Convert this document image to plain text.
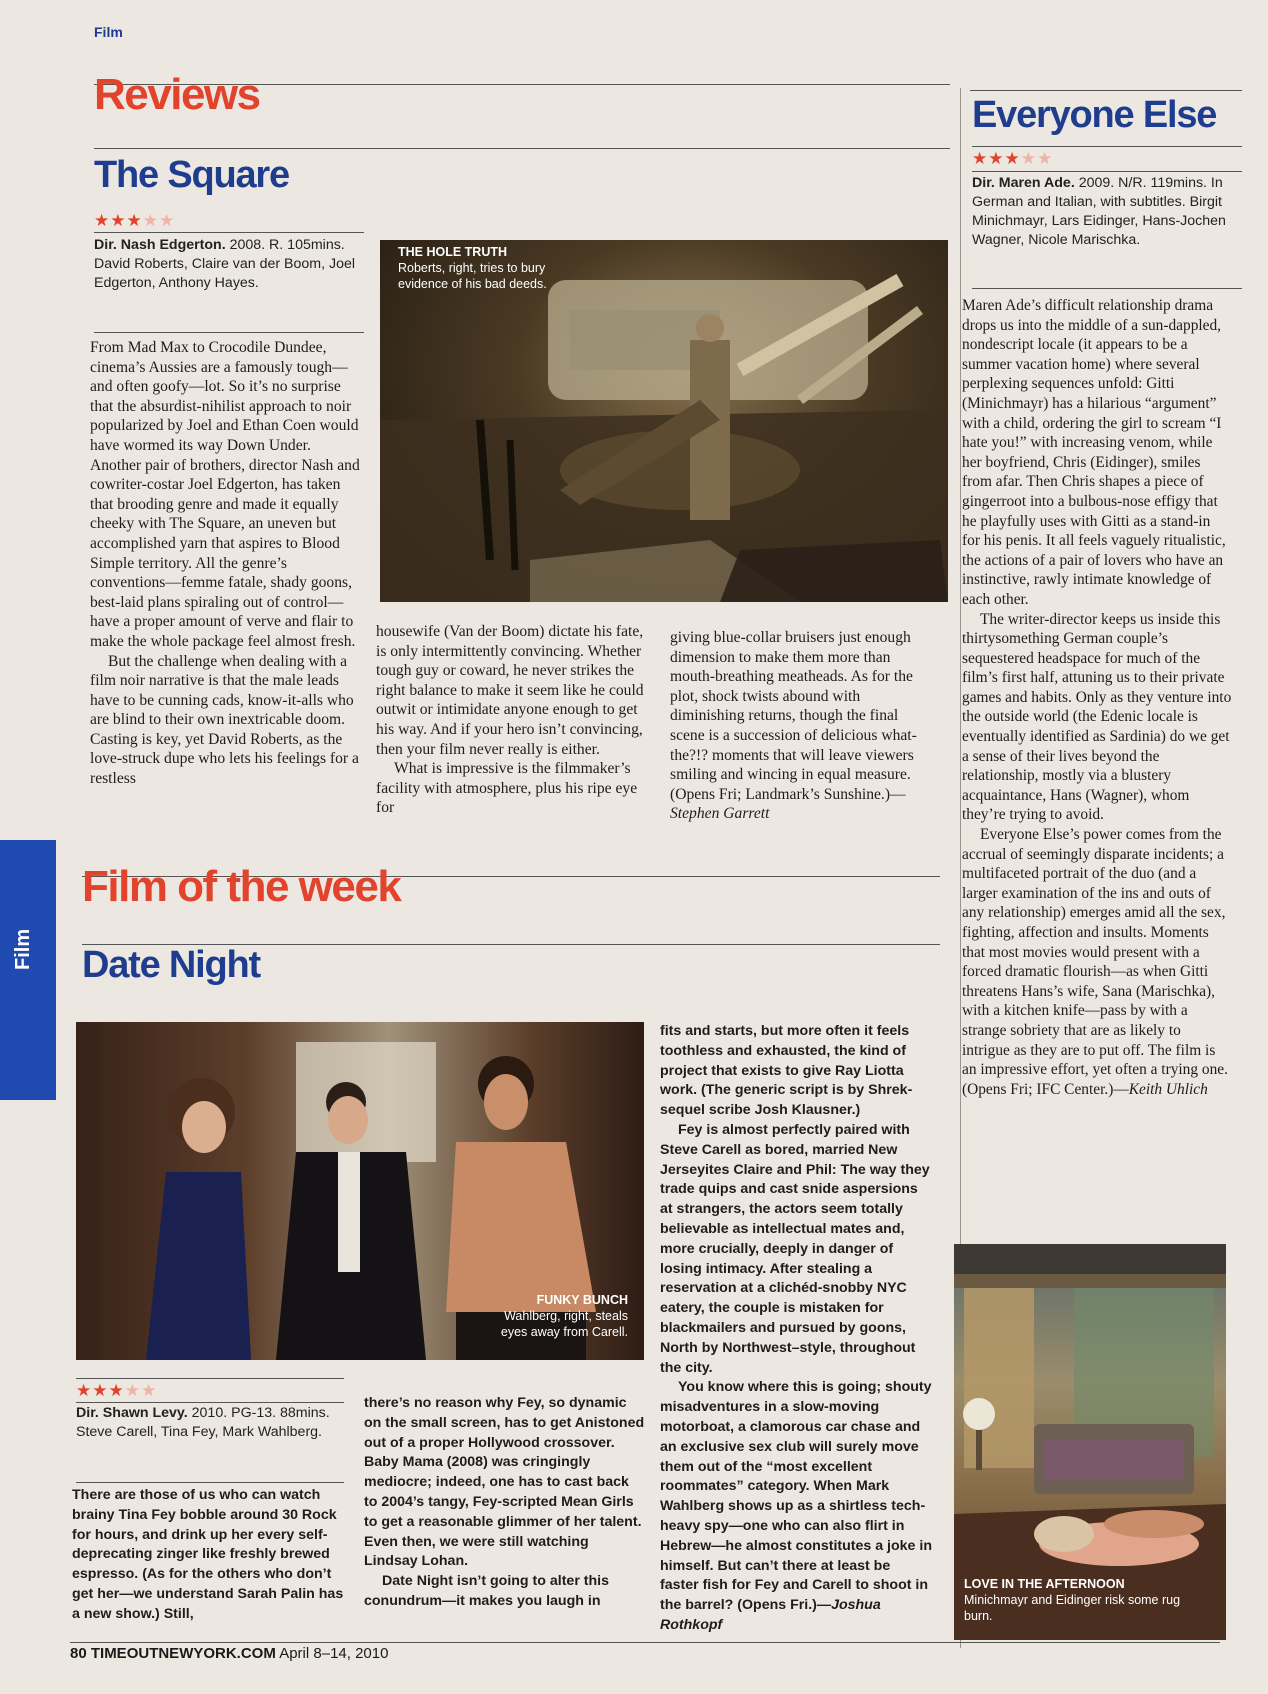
Film
Film
Reviews
The Square
★★★★★
Dir. Nash Edgerton. 2008. R. 105mins. David Roberts, Claire van der Boom, Joel Edgerton, Anthony Hayes.
From Mad Max to Crocodile Dundee, cinema’s Aussies are a famously tough—and often goofy—lot. So it’s no surprise that the absurdist-nihilist approach to noir popularized by Joel and Ethan Coen would have wormed its way Down Under. Another pair of brothers, director Nash and cowriter-costar Joel Edgerton, has taken that brooding genre and made it equally cheeky with The Square, an uneven but accomplished yarn that aspires to Blood Simple territory. All the genre’s conventions—femme fatale, shady goons, best-laid plans spiraling out of control—have a proper amount of verve and flair to make the whole package feel almost fresh.
But the challenge when dealing with a film noir narrative is that the male leads have to be cunning cads, know-it-alls who are blind to their own inextricable doom. Casting is key, yet David Roberts, as the love-struck dupe who lets his feelings for a restless
THE HOLE TRUTH
Roberts, right, tries to bury evidence of his bad deeds.
housewife (Van der Boom) dictate his fate, is only intermittently convincing. Whether tough guy or coward, he never strikes the right balance to make it seem like he could outwit or intimidate anyone enough to get his way. And if your hero isn’t convincing, then your film never really is either.
What is impressive is the filmmaker’s facility with atmosphere, plus his ripe eye for
giving blue-collar bruisers just enough dimension to make them more than mouth-breathing meatheads. As for the plot, shock twists abound with diminishing returns, though the final scene is a succession of delicious what-the?!? moments that will leave viewers smiling and wincing in equal measure. (Opens Fri; Landmark’s Sunshine.)—Stephen Garrett
Everyone Else
★★★★★
Dir. Maren Ade. 2009. N/R. 119mins. In German and Italian, with subtitles. Birgit Minichmayr, Lars Eidinger, Hans-Jochen Wagner, Nicole Marischka.
Maren Ade’s difficult relationship drama drops us into the middle of a sun-dappled, nondescript locale (it appears to be a summer vacation home) where several perplexing sequences unfold: Gitti (Minichmayr) has a hilarious “argument” with a child, ordering the girl to scream “I hate you!” with increasing venom, while her boyfriend, Chris (Eidinger), smiles from afar. Then Chris shapes a piece of gingerroot into a bulbous-nose effigy that he playfully uses with Gitti as a stand-in for his penis. It all feels vaguely ritualistic, the actions of a pair of lovers who have an instinctive, rawly intimate knowledge of each other.
The writer-director keeps us inside this thirtysomething German couple’s sequestered headspace for much of the film’s first half, attuning us to their private games and habits. Only as they venture into the outside world (the Edenic locale is eventually identified as Sardinia) do we get a sense of their lives beyond the relationship, mostly via a blustery acquaintance, Hans (Wagner), whom they’re trying to avoid.
Everyone Else’s power comes from the accrual of seemingly disparate incidents; a multifaceted portrait of the duo (and a larger examination of the ins and outs of any relationship) emerges amid all the sex, fighting, affection and insults. Moments that most movies would present with a forced dramatic flourish—as when Gitti threatens Hans’s wife, Sana (Marischka), with a kitchen knife—pass by with a strange sobriety that are as likely to intrigue as they are to put off. The film is an impressive effort, yet often a trying one. (Opens Fri; IFC Center.)—Keith Uhlich
LOVE IN THE AFTERNOON
Minichmayr and Eidinger risk some rug burn.
Film of the week
Date Night
FUNKY BUNCH
Wahlberg, right, steals eyes away from Carell.
★★★★★
Dir. Shawn Levy. 2010. PG-13. 88mins. Steve Carell, Tina Fey, Mark Wahlberg.
There are those of us who can watch brainy Tina Fey bobble around 30 Rock for hours, and drink up her every self-deprecating zinger like freshly brewed espresso. (As for the others who don’t get her—we understand Sarah Palin has a new show.) Still,
there’s no reason why Fey, so dynamic on the small screen, has to get Anistoned out of a proper Hollywood crossover. Baby Mama (2008) was cringingly mediocre; indeed, one has to cast back to 2004’s tangy, Fey-scripted Mean Girls to get a reasonable glimmer of her talent. Even then, we were still watching Lindsay Lohan.
Date Night isn’t going to alter this conundrum—it makes you laugh in
fits and starts, but more often it feels toothless and exhausted, the kind of project that exists to give Ray Liotta work. (The generic script is by Shrek-sequel scribe Josh Klausner.)
Fey is almost perfectly paired with Steve Carell as bored, married New Jerseyites Claire and Phil: The way they trade quips and cast snide aspersions at strangers, the actors seem totally believable as intellectual mates and, more crucially, deeply in danger of losing intimacy. After stealing a reservation at a clichéd-snobby NYC eatery, the couple is mistaken for blackmailers and pursued by goons, North by Northwest–style, throughout the city.
You know where this is going; shouty misadventures in a slow-moving motorboat, a clamorous car chase and an exclusive sex club will surely move them out of the “most excellent roommates” category. When Mark Wahlberg shows up as a shirtless tech-heavy spy—one who can also flirt in Hebrew—he almost constitutes a joke in himself. But can’t there at least be faster fish for Fey and Carell to shoot in the barrel? (Opens Fri.)—Joshua Rothkopf
80 TIMEOUTNEWYORK.COM April 8–14, 2010
